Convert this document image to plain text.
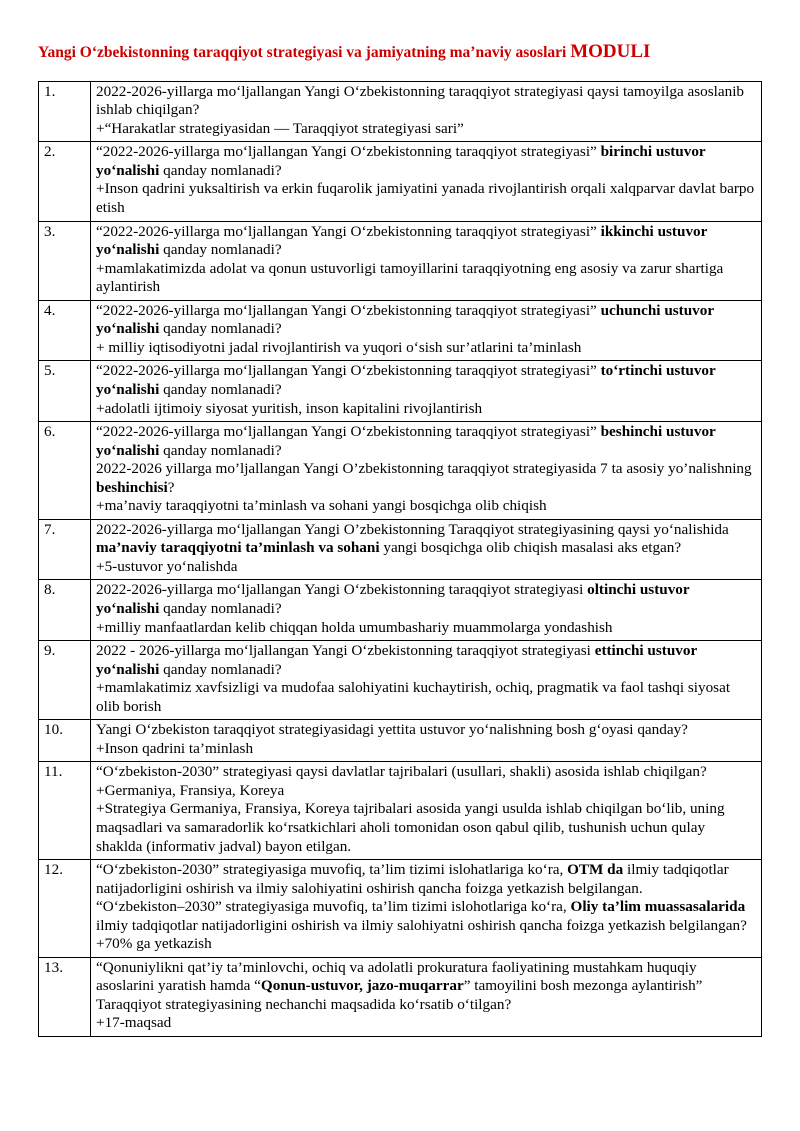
Yangi Oʻzbekistonning taraqqiyot strategiyasi va jamiyatning ma’naviy asoslari MODULI
1.	2022-2026-yillarga moʻljallangan Yangi Oʻzbekistonning taraqqiyot strategiyasi qaysi tamoyilga asoslanib ishlab chiqilgan?
+“Harakatlar strategiyasidan — Taraqqiyot strategiyasi sari”

2.	“2022-2026-yillarga moʻljallangan Yangi Oʻzbekistonning taraqqiyot strategiyasi” birinchi ustuvor yoʻnalishi qanday nomlanadi?
+Inson qadrini yuksaltirish va erkin fuqarolik jamiyatini yanada rivojlantirish orqali xalqparvar davlat barpo etish

3.	“2022-2026-yillarga moʻljallangan Yangi Oʻzbekistonning taraqqiyot strategiyasi” ikkinchi ustuvor yoʻnalishi qanday nomlanadi?
+mamlakatimizda adolat va qonun ustuvorligi tamoyillarini taraqqiyotning eng asosiy va zarur shartiga aylantirish

4.	“2022-2026-yillarga moʻljallangan Yangi Oʻzbekistonning taraqqiyot strategiyasi” uchunchi ustuvor yoʻnalishi qanday nomlanadi?
+ milliy iqtisodiyotni jadal rivojlantirish va yuqori oʻsish sur’atlarini ta’minlash

5.	“2022-2026-yillarga moʻljallangan Yangi Oʻzbekistonning taraqqiyot strategiyasi” toʻrtinchi ustuvor yoʻnalishi qanday nomlanadi?
+adolatli ijtimoiy siyosat yuritish, inson kapitalini rivojlantirish

6.	“2022-2026-yillarga moʻljallangan Yangi Oʻzbekistonning taraqqiyot strategiyasi” beshinchi ustuvor yoʻnalishi qanday nomlanadi?
2022-2026 yillarga mo’ljallangan Yangi O’zbekistonning taraqqiyot strategiyasida 7 ta asosiy yo’nalishning beshinchisi?
+ma’naviy taraqqiyotni ta’minlash va sohani yangi bosqichga olib chiqish

7.	2022-2026-yillarga moʻljallangan Yangi O’zbekistonning Taraqqiyot strategiyasining qaysi yoʻnalishida ma’naviy taraqqiyotni ta’minlash va sohani yangi bosqichga olib chiqish masalasi aks etgan?
+5-ustuvor yoʻnalishda

8.	2022-2026-yillarga moʻljallangan Yangi Oʻzbekistonning taraqqiyot strategiyasi oltinchi ustuvor yoʻnalishi qanday nomlanadi?
+milliy manfaatlardan kelib chiqqan holda umumbashariy muammolarga yondashish

9.	2022 - 2026-yillarga moʻljallangan Yangi Oʻzbekistonning taraqqiyot strategiyasi ettinchi ustuvor yoʻnalishi qanday nomlanadi?
+mamlakatimiz xavfsizligi va mudofaa salohiyatini kuchaytirish, ochiq, pragmatik va faol tashqi siyosat olib borish

10.	Yangi Oʻzbekiston taraqqiyot strategiyasidagi yettita ustuvor yoʻnalishning bosh gʻoyasi qanday?
+Inson qadrini ta’minlash

11.	“Oʻzbekiston-2030” strategiyasi qaysi davlatlar tajribalari (usullari, shakli) asosida ishlab chiqilgan?
+Germaniya, Fransiya, Koreya
+Strategiya Germaniya, Fransiya, Koreya tajribalari asosida yangi usulda ishlab chiqilgan boʻlib, uning maqsadlari va samaradorlik koʻrsatkichlari aholi tomonidan oson qabul qilib, tushunish uchun qulay shaklda (informativ jadval) bayon etilgan.

12.	“Oʻzbekiston-2030” strategiyasiga muvofiq, ta’lim tizimi islohatlariga koʻra, OTM da ilmiy tadqiqotlar natijadorligini oshirish va ilmiy salohiyatini oshirish qancha foizga yetkazish belgilangan.
“Oʻzbekiston–2030” strategiyasiga muvofiq, ta’lim tizimi islohotlariga koʻra, Oliy ta’lim muassasalarida ilmiy tadqiqotlar natijadorligini oshirish va ilmiy salohiyatni oshirish qancha foizga yetkazish belgilangan?
+70% ga yetkazish

13.	“Qonuniylikni qat’iy ta’minlovchi, ochiq va adolatli prokuratura faoliyatining mustahkam huquqiy asoslarini yaratish hamda “Qonun-ustuvor, jazo-muqarrar” tamoyilini bosh mezonga aylantirish” Taraqqiyot strategiyasining nechanchi maqsadida koʻrsatib oʻtilgan?
+17-maqsad
